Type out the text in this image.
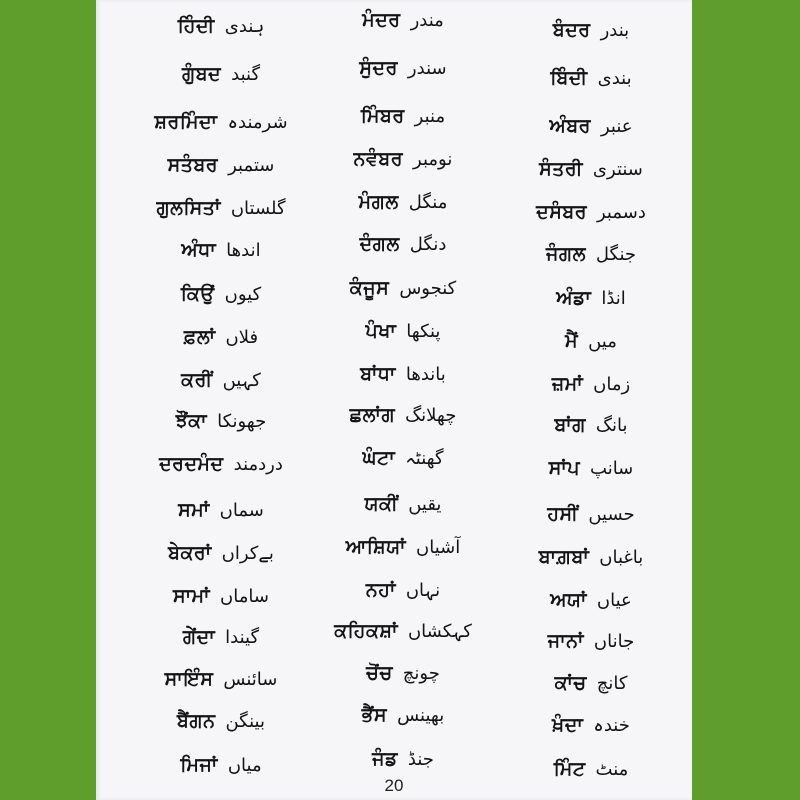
ਹਿੰਦੀ ہندی
ਗੁੰਬਦ گنبد
ਸ਼ਰਮਿੰਦਾ شرمندہ
ਸਤੰਬਰ ستمبر
ਗੁਲਸਿਤਾਂ گلستاں
ਅੰਧਾ اندھا
ਕਿਉਂ کیوں
ਫ਼ਲਾਂ فلاں
ਕਰੀਂ کہیں
ਝੌਂਕਾ جھونکا
ਦਰਦਮੰਦ دردمند
ਸਮਾਂ سماں
ਬੇਕਰਾਂ بےکراں
ਸਾਮਾਂ ساماں
ਗੇਂਦਾ گیندا
ਸਾਇੰਸ سائنس
ਬੈਂਗਨ بینگن
ਮਿਜਾਂ میاں
ਮੰਦਰ مندر
ਸੁੰਦਰ سندر
ਮਿੰਬਰ منبر
ਨਵੰਬਰ نومبر
ਮੰਗਲ منگل
ਦੰਗਲ دنگل
ਕੰਜੂਸ کنجوس
ਪੰਖਾ پنکھا
ਬਾਂਧਾ باندھا
ਛਲਾਂਗ چھلانگ
ਘੰਟਾ گھنٹہ
ਯਕੀਂ یقیں
ਆਸ਼ਿਯਾਂ آشیاں
ਨਹਾਂ نہاں
ਕਹਿਕਸ਼ਾਂ کہکشاں
ਚੋਂਚ چونچ
ਭੈਂਸ بھینس
ਜੰਡ جنڈ
ਬੰਦਰ بندر
ਬਿੰਦੀ بندی
ਅੰਬਰ عنبر
ਸੰਤਰੀ سنتری
ਦਸੰਬਰ دسمبر
ਜੰਗਲ جنگل
ਅੰਡਾ انڈا
ਮੈਂ میں
ਜ਼ਮਾਂ زماں
ਬਾਂਗ بانگ
ਸਾਂਪ سانپ
ਹਸੀਂ حسیں
ਬਾਗ਼ਬਾਂ باغباں
ਅਯਾਂ عیاں
ਜਾਨਾਂ جاناں
ਕਾਂਚ کانچ
ਖ਼ੰਦਾ خندہ
ਮਿੰਟ منٹ
20
